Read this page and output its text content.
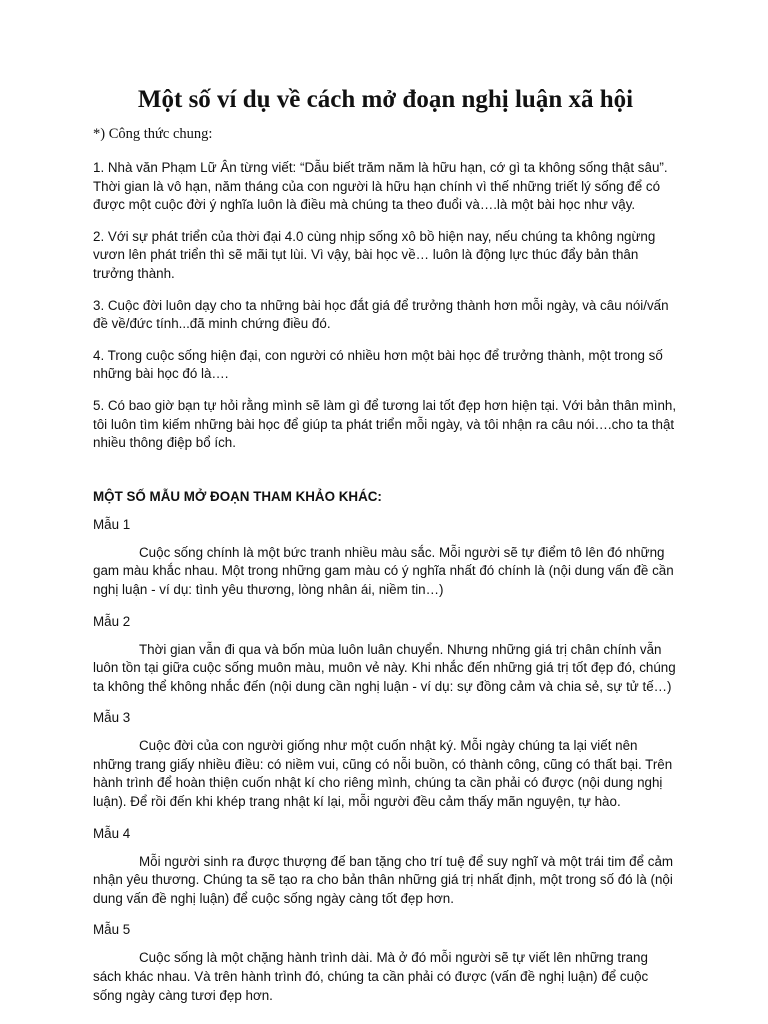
Một số ví dụ về cách mở đoạn nghị luận xã hội
*) Công thức chung:

1. Nhà văn Phạm Lữ Ân từng viết: “Dẫu biết trăm năm là hữu hạn, cớ gì ta không sống thật sâu”. Thời gian là vô hạn, năm tháng của con người là hữu hạn chính vì thế những triết lý sống để có được một cuộc đời ý nghĩa luôn là điều mà chúng ta theo đuổi và….là một bài học như vậy.

2. Với sự phát triển của thời đại 4.0 cùng nhịp sống xô bồ hiện nay, nếu chúng ta không ngừng vươn lên phát triển thì sẽ mãi tụt lùi. Vì vậy, bài học về… luôn là động lực thúc đẩy bản thân trưởng thành.

3. Cuộc đời luôn dạy cho ta những bài học đắt giá để trưởng thành hơn mỗi ngày, và câu nói/vấn đề về/đức tính...đã minh chứng điều đó.

4. Trong cuộc sống hiện đại, con người có nhiều hơn một bài học để trưởng thành, một trong số những bài học đó là….

5. Có bao giờ bạn tự hỏi rằng mình sẽ làm gì để tương lai tốt đẹp hơn hiện tại. Với bản thân mình, tôi luôn tìm kiếm những bài học để giúp ta phát triển mỗi ngày, và tôi nhận ra câu nói….cho ta thật nhiều thông điệp bổ ích.

MỘT SỐ MẪU MỞ ĐOẠN THAM KHẢO KHÁC:
Mẫu 1

Cuộc sống chính là một bức tranh nhiều màu sắc. Mỗi người sẽ tự điểm tô lên đó những gam màu khắc nhau. Một trong những gam màu có ý nghĩa nhất đó chính là (nội dung vấn đề cần nghị luận - ví dụ: tình yêu thương, lòng nhân ái, niềm tin…)

Mẫu 2

Thời gian vẫn đi qua và bốn mùa luôn luân chuyển. Nhưng những giá trị chân chính vẫn luôn tồn tại giữa cuộc sống muôn màu, muôn vẻ này. Khi nhắc đến những giá trị tốt đẹp đó, chúng ta không thể không nhắc đến (nội dung cần nghị luận - ví dụ: sự đồng cảm và chia sẻ, sự tử tế…)

Mẫu 3

Cuộc đời của con người giống như một cuốn nhật ký. Mỗi ngày chúng ta lại viết nên những trang giấy nhiều điều: có niềm vui, cũng có nỗi buồn, có thành công, cũng có thất bại. Trên hành trình để hoàn thiện cuốn nhật kí cho riêng mình, chúng ta cần phải có được (nội dung nghị luận). Để rồi đến khi khép trang nhật kí lại, mỗi người đều cảm thấy mãn nguyện, tự hào.

Mẫu 4

Mỗi người sinh ra được thượng đế ban tặng cho trí tuệ để suy nghĩ và một trái tim để cảm nhận yêu thương. Chúng ta sẽ tạo ra cho bản thân những giá trị nhất định, một trong số đó là (nội dung vấn đề nghị luận) để cuộc sống ngày càng tốt đẹp hơn.

Mẫu 5

Cuộc sống là một chặng hành trình dài. Mà ở đó mỗi người sẽ tự viết lên những trang sách khác nhau. Và trên hành trình đó, chúng ta cần phải có được (vấn đề nghị luận) để cuộc sống ngày càng tươi đẹp hơn.
